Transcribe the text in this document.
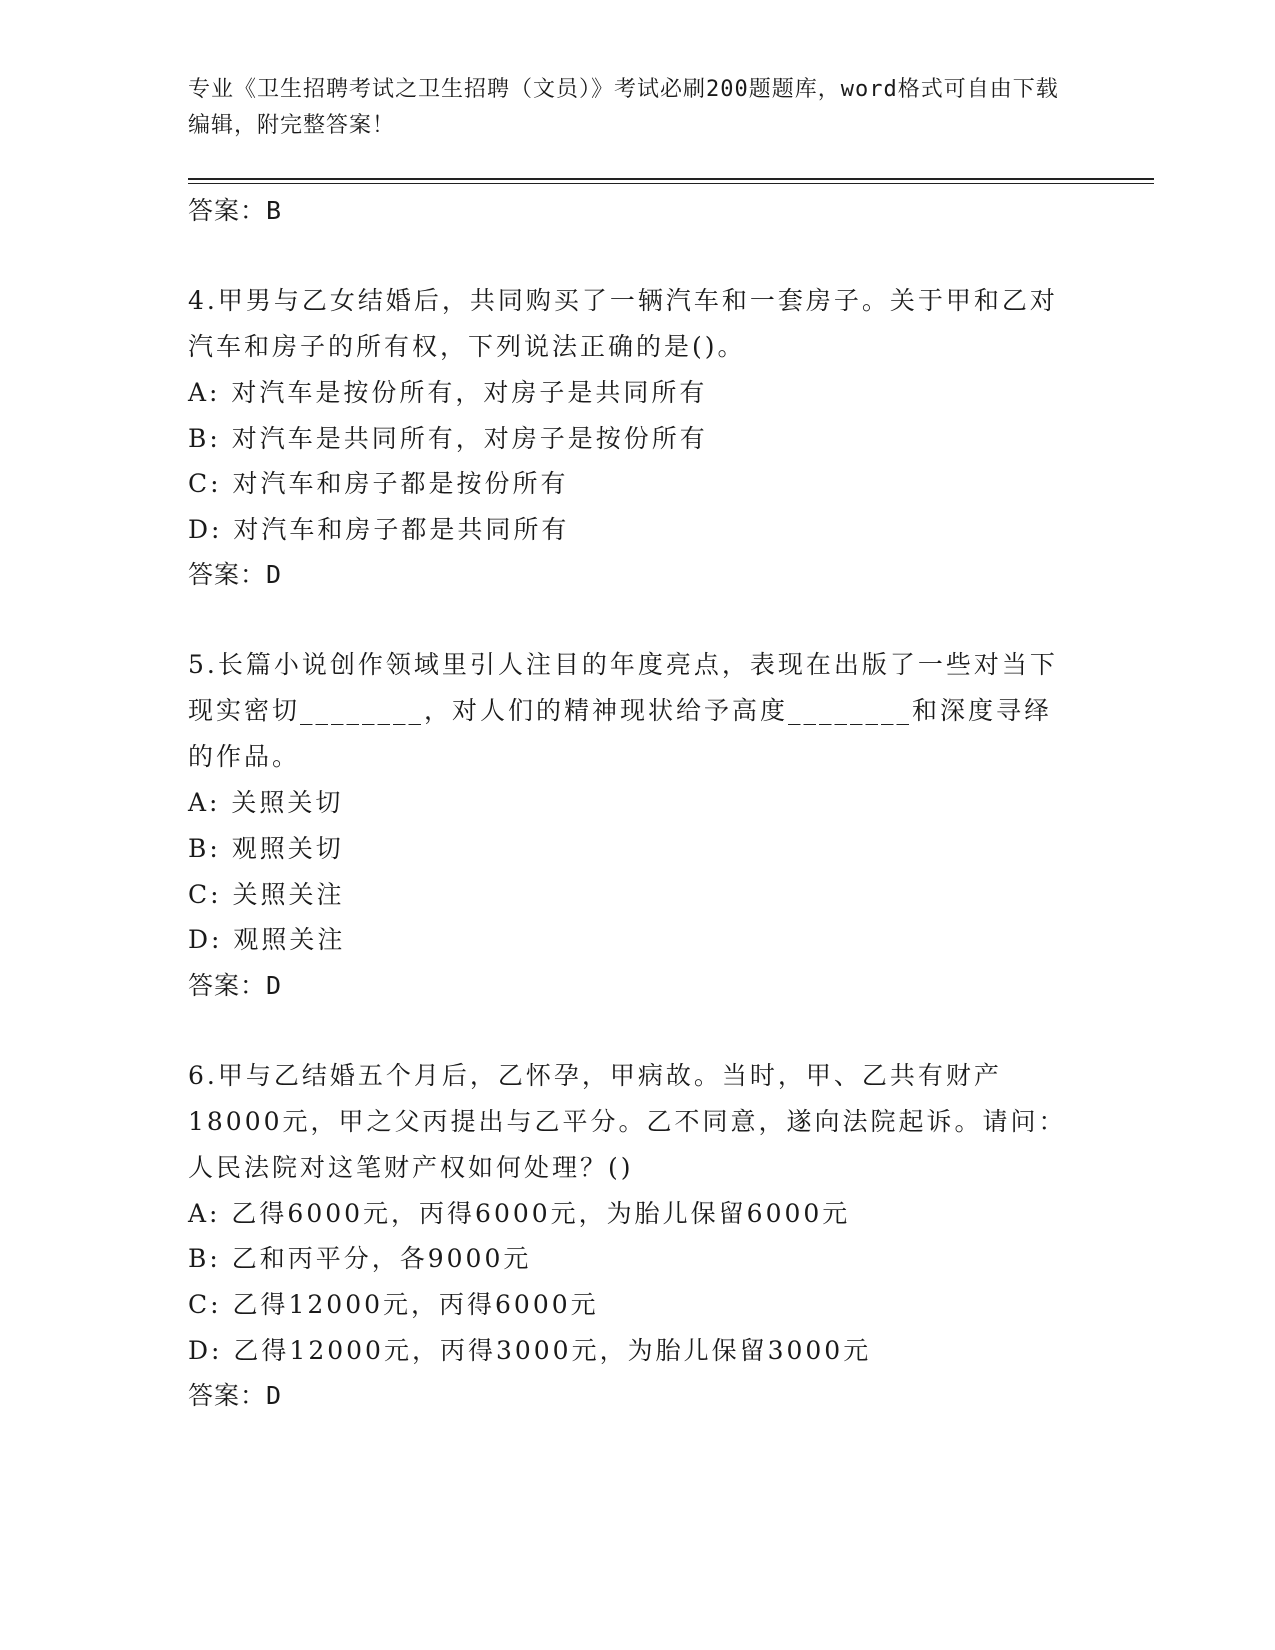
专业《卫生招聘考试之卫生招聘（文员）》考试必刷200题题库，word格式可自由下载编辑，附完整答案！
答案：B
4.甲男与乙女结婚后，共同购买了一辆汽车和一套房子。关于甲和乙对汽车和房子的所有权，下列说法正确的是()。
A: 对汽车是按份所有，对房子是共同所有
B: 对汽车是共同所有，对房子是按份所有
C: 对汽车和房子都是按份所有
D: 对汽车和房子都是共同所有
答案：D
5.长篇小说创作领域里引人注目的年度亮点，表现在出版了一些对当下现实密切________，对人们的精神现状给予高度________和深度寻绎的作品。
A: 关照关切
B: 观照关切
C: 关照关注
D: 观照关注
答案：D
6.甲与乙结婚五个月后，乙怀孕，甲病故。当时，甲、乙共有财产18000元，甲之父丙提出与乙平分。乙不同意，遂向法院起诉。请问：人民法院对这笔财产权如何处理？()
A: 乙得6000元，丙得6000元，为胎儿保留6000元
B: 乙和丙平分，各9000元
C: 乙得12000元，丙得6000元
D: 乙得12000元，丙得3000元，为胎儿保留3000元
答案：D
